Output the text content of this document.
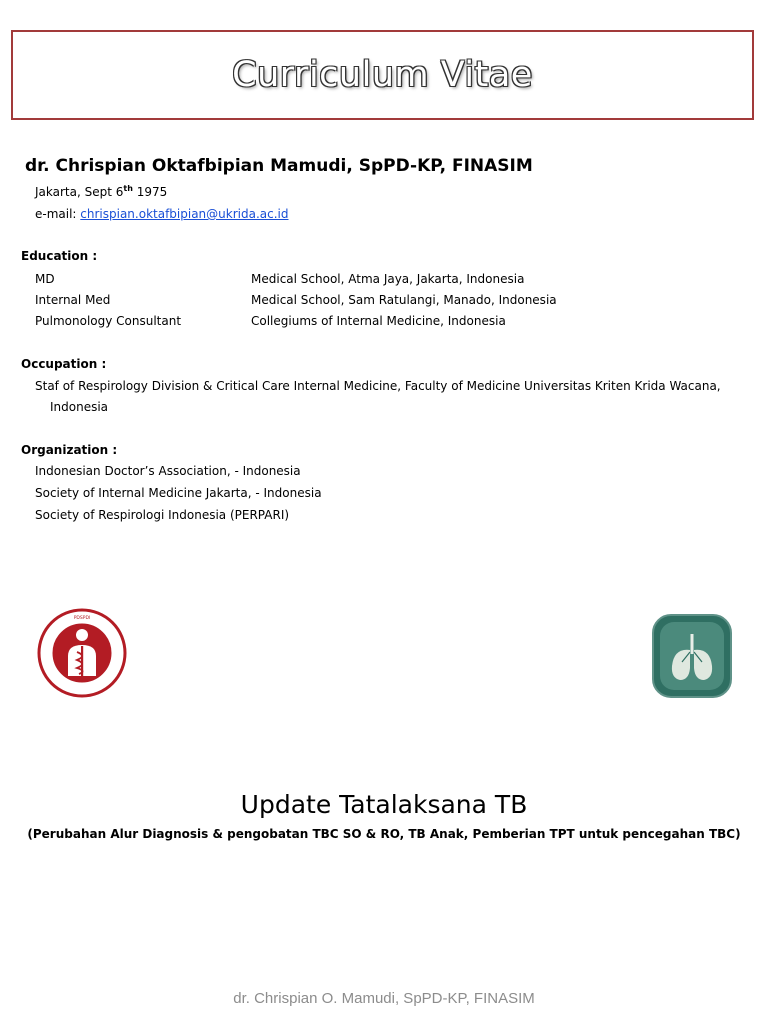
Curriculum Vitae
dr. Chrispian Oktafbipian Mamudi, SpPD-KP, FINASIM
Jakarta, Sept 6th 1975
e-mail: chrispian.oktafbipian@ukrida.ac.id
Education :
MD	Medical School, Atma Jaya, Jakarta, Indonesia
Internal Med	Medical School, Sam Ratulangi, Manado, Indonesia
Pulmonology Consultant	Collegiums of Internal Medicine, Indonesia
Occupation :
Staf of Respirology Division & Critical Care Internal Medicine, Faculty of Medicine Universitas Kriten Krida Wacana,
Indonesia
Organization :
Indonesian Doctor’s Association, - Indonesia
Society of Internal Medicine Jakarta, - Indonesia
Society of Respirologi Indonesia (PERPARI)
PDSPDI
Update Tatalaksana TB
(Perubahan Alur Diagnosis & pengobatan TBC SO & RO, TB Anak, Pemberian TPT untuk pencegahan TBC)
dr. Chrispian O. Mamudi, SpPD-KP, FINASIM
